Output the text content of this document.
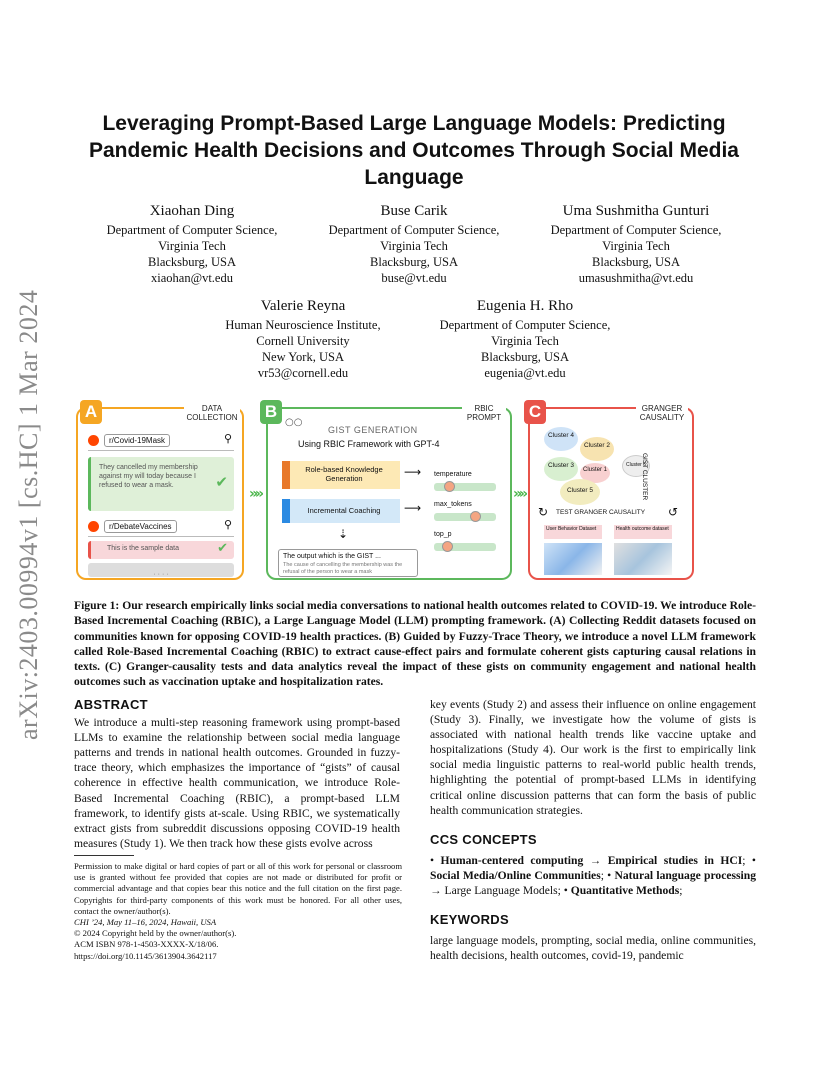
arXiv:2403.00994v1 [cs.HC] 1 Mar 2024
Leveraging Prompt-Based Large Language Models: Predicting Pandemic Health Decisions and Outcomes Through Social Media Language
Xiaohan Ding
Department of Computer Science,
Virginia Tech
Blacksburg, USA
xiaohan@vt.edu
Buse Carik
Department of Computer Science,
Virginia Tech
Blacksburg, USA
buse@vt.edu
Uma Sushmitha Gunturi
Department of Computer Science,
Virginia Tech
Blacksburg, USA
umasushmitha@vt.edu
Valerie Reyna
Human Neuroscience Institute,
Cornell University
New York, USA
vr53@cornell.edu
Eugenia H. Rho
Department of Computer Science,
Virginia Tech
Blacksburg, USA
eugenia@vt.edu
r/Covid-19Mask	⚲
They cancelled my membership against my will today because I refused to wear a mask.	✔
r/DebateVaccines	⚲
This is the sample data	✔
· · · ·
A	DATA COLLECTION
»»
GIST GENERATION
Using RBIC Framework with GPT-4
Role-based Knowledge Generation	⟶
Incremental Coaching	⟶
⇣
temperature
max_tokens
top_p
The output which is the GIST ...
The cause of cancelling the membership was the refusal of the person to wear a mask
B
○○
RBIC PROMPT
»»
Cluster 4
Cluster 2
Cluster 3
Cluster 1
Cluster 5
Cluster 6
GIST CLUSTER
↻ TEST GRANGER CAUSALITY ↺
User Behavior Dataset	Health outcome dataset
C	GRANGER CAUSALITY

Figure 1: Our research empirically links social media conversations to national health outcomes related to COVID-19. We introduce Role-Based Incremental Coaching (RBIC), a Large Language Model (LLM) prompting framework. (A) Collecting Reddit datasets focused on communities known for opposing COVID-19 health practices. (B) Guided by Fuzzy-Trace Theory, we introduce a novel LLM framework called Role-Based Incremental Coaching (RBIC) to extract cause-effect pairs and formulate coherent gists capturing causal relations in texts. (C) Granger-causality tests and data analytics reveal the impact of these gists on community engagement and national health outcomes such as vaccination uptake and hospitalization rates.

ABSTRACT

We introduce a multi-step reasoning framework using prompt-based LLMs to examine the relationship between social media language patterns and trends in national health outcomes. Grounded in fuzzy-trace theory, which emphasizes the importance of “gists” of causal coherence in effective health communication, we introduce Role-Based Incremental Coaching (RBIC), a prompt-based LLM framework, to identify gists at-scale. Using RBIC, we systematically extract gists from subreddit discussions opposing COVID-19 health measures (Study 1). We then track how these gists evolve across

Permission to make digital or hard copies of part or all of this work for personal or classroom use is granted without fee provided that copies are not made or distributed for profit or commercial advantage and that copies bear this notice and the full citation on the first page. Copyrights for third-party components of this work must be honored. For all other uses, contact the owner/author(s).

CHI ’24, May 11–16, 2024, Hawaii, USA

© 2024 Copyright held by the owner/author(s).

ACM ISBN 978-1-4503-XXXX-X/18/06.

https://doi.org/10.1145/3613904.3642117

key events (Study 2) and assess their influence on online engagement (Study 3). Finally, we investigate how the volume of gists is associated with national health trends like vaccine uptake and hospitalizations (Study 4). Our work is the first to empirically link social media linguistic patterns to real-world public health trends, highlighting the potential of prompt-based LLMs in identifying critical online discussion patterns that can form the basis of public health communication strategies.

CCS CONCEPTS

• Human-centered computing → Empirical studies in HCI; • Social Media/Online Communities; • Natural language processing → Large Language Models; • Quantitative Methods;

KEYWORDS

large language models, prompting, social media, online communities, health decisions, health outcomes, covid-19, pandemic
